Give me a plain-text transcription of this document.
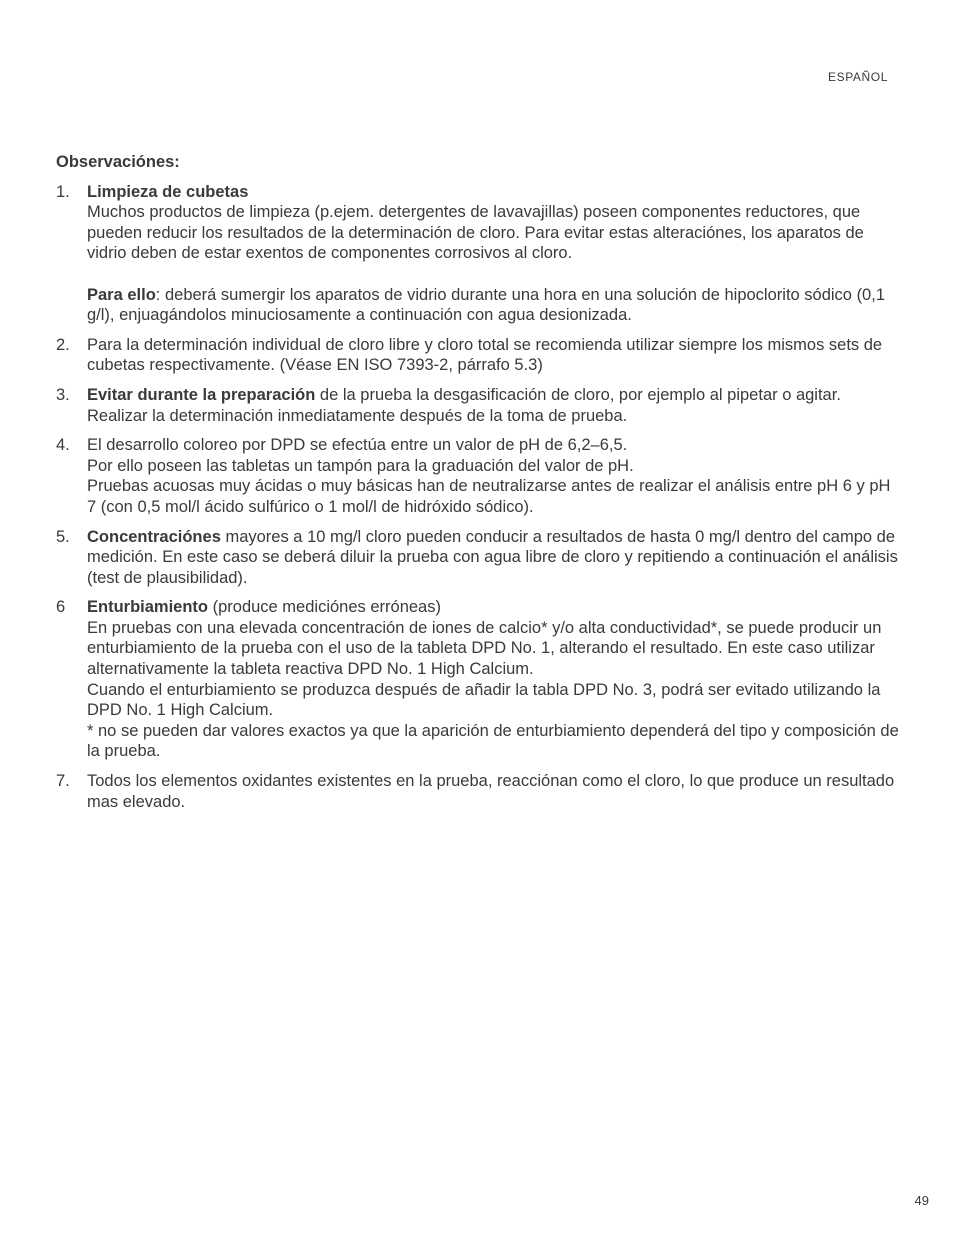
ESPAÑOL
Observaciónes:
1.	Limpieza de cubetas
Muchos productos de limpieza (p.ejem. detergentes de lavavajillas) poseen componentes reductores, que pueden reducir los resultados de la determinación de cloro. Para evitar estas alteraciónes, los aparatos de vidrio deben de estar exentos de componentes corrosivos al cloro.
Para ello: deberá sumergir los aparatos de vidrio durante una hora en una solución de hipoclorito sódico (0,1 g/l), enjuagándolos minuciosamente a continuación con agua desionizada.
2.	Para la determinación individual de cloro libre y cloro total se recomienda utilizar siempre los mismos sets de cubetas respectivamente. (Véase EN ISO 7393-2, párrafo 5.3)
3.	Evitar durante la preparación de la prueba la desgasificación de cloro, por ejemplo al pipetar o agitar. Realizar la determinación inmediatamente después de la toma de prueba.
4.	El desarrollo coloreo por DPD se efectúa entre un valor de pH de 6,2–6,5.
Por ello poseen las tabletas un tampón para la graduación del valor de pH.
Pruebas acuosas muy ácidas o muy básicas han de neutralizarse antes de realizar el análisis entre pH 6 y pH 7 (con 0,5 mol/l ácido sulfúrico o 1 mol/l de hidróxido sódico).
5.	Concentraciónes mayores a 10 mg/l cloro pueden conducir a resultados de hasta 0 mg/l dentro del campo de medición. En este caso se deberá diluir la prueba con agua libre de cloro y repitiendo a continuación el análisis (test de plausibilidad).
6	Enturbiamiento (produce mediciónes erróneas)
En pruebas con una elevada concentración de iones de calcio* y/o alta conductividad*, se puede producir un enturbiamiento de la prueba con el uso de la tableta DPD No. 1, alterando el resultado. En este caso utilizar alternativamente la tableta reactiva DPD No. 1 High Calcium.
Cuando el enturbiamiento se produzca después de añadir la tabla DPD No. 3, podrá ser evitado utilizando la DPD No. 1 High Calcium.
* no se pueden dar valores exactos ya que la aparición de enturbiamiento dependerá del tipo y composición de la prueba.
7.	Todos los elementos oxidantes existentes en la prueba, reacciónan como el cloro, lo que produce un resultado mas elevado.
49
